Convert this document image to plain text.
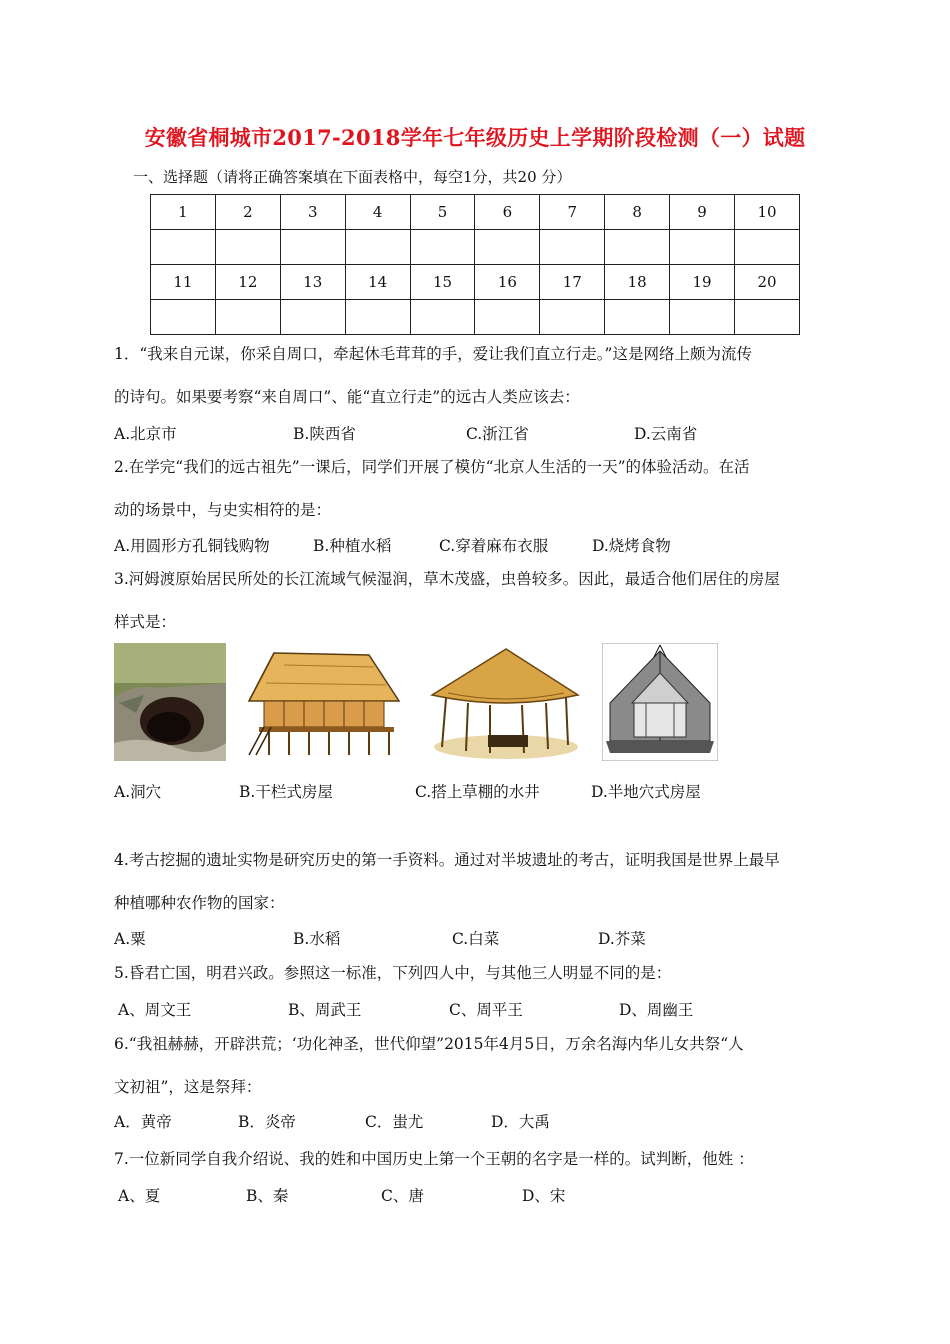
安徽省桐城市2017-2018学年七年级历史上学期阶段检测（一）试题
一、选择题（请将正确答案填在下面表格中，每空1分，共20 分）
1	2	3	4	5	6	7	8	9	10

11	12	13	14	15	16	17	18	19	20

1．“我来自元谋，你采自周口，牵起休毛茸茸的手，爱让我们直立行走。”这是网络上颇为流传
的诗句。如果要考察“来自周口”、能“直立行走”的远古人类应该去：
A.北京市	B.陕西省	C.浙江省	D.云南省
2.在学完“我们的远古祖先”一课后，同学们开展了模仿“北京人生活的一天”的体验活动。在活
动的场景中，与史实相符的是：
A.用圆形方孔铜钱购物	B.种植水稻	C.穿着麻布衣服	D.烧烤食物
3.河姆渡原始居民所处的长江流域气候湿润，草木茂盛，虫兽较多。因此，最适合他们居住的房屋
样式是：
A.洞穴	B.干栏式房屋	C.搭上草棚的水井	D.半地穴式房屋
4.考古挖掘的遗址实物是研究历史的第一手资料。通过对半坡遗址的考古，证明我国是世界上最早
种植哪种农作物的国家：
A.粟	B.水稻	C.白菜	D.芥菜
5.昏君亡国，明君兴政。参照这一标准，下列四人中，与其他三人明显不同的是：
A、周文王	B、周武王	C、周平王	D、周幽王
6.“我祖赫赫，开辟洪荒；‘功化神圣，世代仰望”2015年4月5日，万余名海内华儿女共祭“人
文初祖”，这是祭拜：
A．黄帝	B．炎帝	C．蚩尤	D．大禹
7.一位新同学自我介绍说、我的姓和中国历史上第一个王朝的名字是一样的。试判断，他姓 ：
A、夏	B、秦	C、唐	D、宋
